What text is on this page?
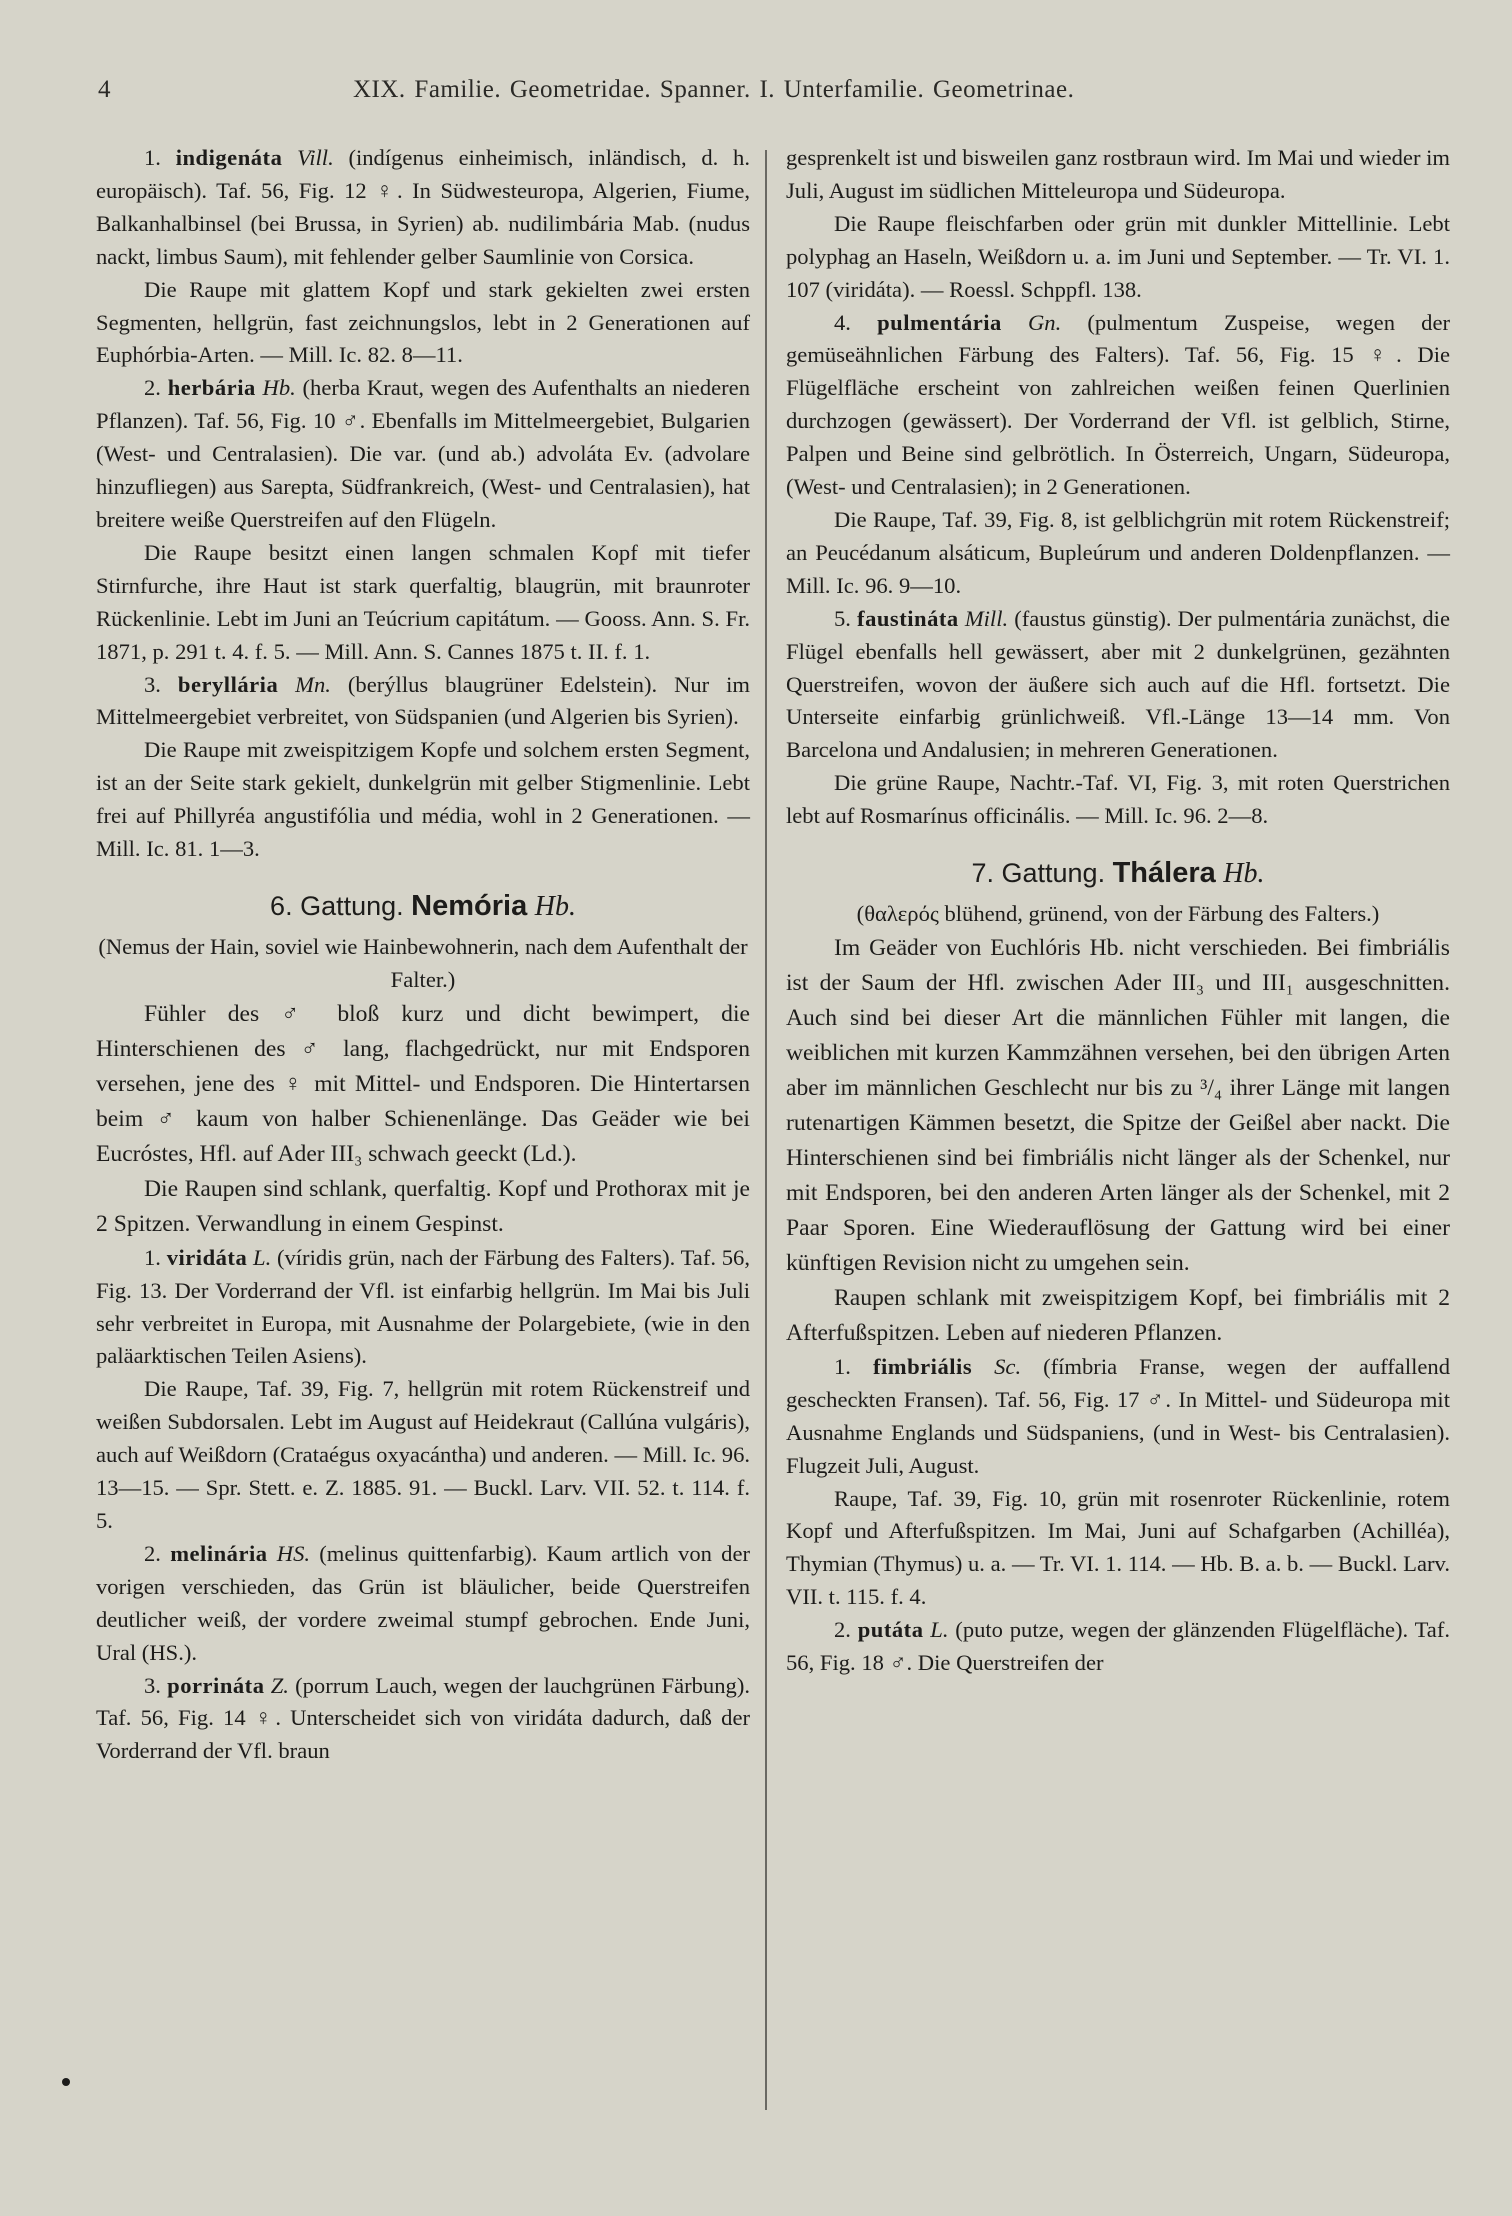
4	XIX. Familie. Geometridae. Spanner. I. Unterfamilie. Geometrinae.

1. indigenáta Vill. (indígenus einheimisch, inländisch, d. h. europäisch). Taf. 56, Fig. 12 ♀. In Südwesteuropa, Algerien, Fiume, Balkanhalbinsel (bei Brussa, in Syrien) ab. nudilimbária Mab. (nudus nackt, limbus Saum), mit fehlender gelber Saumlinie von Corsica.

Die Raupe mit glattem Kopf und stark gekielten zwei ersten Segmenten, hellgrün, fast zeichnungslos, lebt in 2 Generationen auf Euphórbia-Arten. — Mill. Ic. 82. 8—11.

2. herbária Hb. (herba Kraut, wegen des Aufenthalts an niederen Pflanzen). Taf. 56, Fig. 10 ♂. Ebenfalls im Mittelmeergebiet, Bulgarien (West- und Centralasien). Die var. (und ab.) advoláta Ev. (advolare hinzufliegen) aus Sarepta, Südfrankreich, (West- und Centralasien), hat breitere weiße Querstreifen auf den Flügeln.

Die Raupe besitzt einen langen schmalen Kopf mit tiefer Stirnfurche, ihre Haut ist stark querfaltig, blaugrün, mit braunroter Rückenlinie. Lebt im Juni an Teúcrium capitátum. — Gooss. Ann. S. Fr. 1871, p. 291 t. 4. f. 5. — Mill. Ann. S. Cannes 1875 t. II. f. 1.

3. beryllária Mn. (berýllus blaugrüner Edelstein). Nur im Mittelmeergebiet verbreitet, von Südspanien (und Algerien bis Syrien).

Die Raupe mit zweispitzigem Kopfe und solchem ersten Segment, ist an der Seite stark gekielt, dunkelgrün mit gelber Stigmenlinie. Lebt frei auf Phillyréa angustifólia und média, wohl in 2 Generationen. — Mill. Ic. 81. 1—3.

6. Gattung. Nemória Hb.

(Nemus der Hain, soviel wie Hainbewohnerin, nach dem Aufenthalt der Falter.)

Fühler des ♂ bloß kurz und dicht bewimpert, die Hinterschienen des ♂ lang, flachgedrückt, nur mit Endsporen versehen, jene des ♀ mit Mittel- und Endsporen. Die Hintertarsen beim ♂ kaum von halber Schienenlänge. Das Geäder wie bei Eucróstes, Hfl. auf Ader III₃ schwach geeckt (Ld.).

Die Raupen sind schlank, querfaltig. Kopf und Prothorax mit je 2 Spitzen. Verwandlung in einem Gespinst.

1. viridáta L. (víridis grün, nach der Färbung des Falters). Taf. 56, Fig. 13. Der Vorderrand der Vfl. ist einfarbig hellgrün. Im Mai bis Juli sehr verbreitet in Europa, mit Ausnahme der Polargebiete, (wie in den paläarktischen Teilen Asiens).

Die Raupe, Taf. 39, Fig. 7, hellgrün mit rotem Rückenstreif und weißen Subdorsalen. Lebt im August auf Heidekraut (Callúna vulgáris), auch auf Weißdorn (Crataégus oxyacántha) und anderen. — Mill. Ic. 96. 13—15. — Spr. Stett. e. Z. 1885. 91. — Buckl. Larv. VII. 52. t. 114. f. 5.

2. melinária HS. (melinus quittenfarbig). Kaum artlich von der vorigen verschieden, das Grün ist bläulicher, beide Querstreifen deutlicher weiß, der vordere zweimal stumpf gebrochen. Ende Juni, Ural (HS.).

3. porrináta Z. (porrum Lauch, wegen der lauchgrünen Färbung). Taf. 56, Fig. 14 ♀. Unterscheidet sich von viridáta dadurch, daß der Vorderrand der Vfl. braun

gesprenkelt ist und bisweilen ganz rostbraun wird. Im Mai und wieder im Juli, August im südlichen Mitteleuropa und Südeuropa.

Die Raupe fleischfarben oder grün mit dunkler Mittellinie. Lebt polyphag an Haseln, Weißdorn u. a. im Juni und September. — Tr. VI. 1. 107 (viridáta). — Roessl. Schppfl. 138.

4. pulmentária Gn. (pulmentum Zuspeise, wegen der gemüseähnlichen Färbung des Falters). Taf. 56, Fig. 15 ♀. Die Flügelfläche erscheint von zahlreichen weißen feinen Querlinien durchzogen (gewässert). Der Vorderrand der Vfl. ist gelblich, Stirne, Palpen und Beine sind gelbrötlich. In Österreich, Ungarn, Südeuropa, (West- und Centralasien); in 2 Generationen.

Die Raupe, Taf. 39, Fig. 8, ist gelblichgrün mit rotem Rückenstreif; an Peucédanum alsáticum, Bupleúrum und anderen Doldenpflanzen. — Mill. Ic. 96. 9—10.

5. faustináta Mill. (faustus günstig). Der pulmentária zunächst, die Flügel ebenfalls hell gewässert, aber mit 2 dunkelgrünen, gezähnten Querstreifen, wovon der äußere sich auch auf die Hfl. fortsetzt. Die Unterseite einfarbig grünlichweiß. Vfl.-Länge 13—14 mm. Von Barcelona und Andalusien; in mehreren Generationen.

Die grüne Raupe, Nachtr.-Taf. VI, Fig. 3, mit roten Querstrichen lebt auf Rosmarínus officinális. — Mill. Ic. 96. 2—8.

7. Gattung. Thálera Hb.

(θαλερός blühend, grünend, von der Färbung des Falters.)

Im Geäder von Euchlóris Hb. nicht verschieden. Bei fimbriális ist der Saum der Hfl. zwischen Ader III₃ und III₁ ausgeschnitten. Auch sind bei dieser Art die männlichen Fühler mit langen, die weiblichen mit kurzen Kammzähnen versehen, bei den übrigen Arten aber im männlichen Geschlecht nur bis zu ³/₄ ihrer Länge mit langen rutenartigen Kämmen besetzt, die Spitze der Geißel aber nackt. Die Hinterschienen sind bei fimbriális nicht länger als der Schenkel, nur mit Endsporen, bei den anderen Arten länger als der Schenkel, mit 2 Paar Sporen. Eine Wiederauflösung der Gattung wird bei einer künftigen Revision nicht zu umgehen sein.

Raupen schlank mit zweispitzigem Kopf, bei fimbriális mit 2 Afterfußspitzen. Leben auf niederen Pflanzen.

1. fimbriális Sc. (fímbria Franse, wegen der auffallend gescheckten Fransen). Taf. 56, Fig. 17 ♂. In Mittel- und Südeuropa mit Ausnahme Englands und Südspaniens, (und in West- bis Centralasien). Flugzeit Juli, August.

Raupe, Taf. 39, Fig. 10, grün mit rosenroter Rückenlinie, rotem Kopf und Afterfußspitzen. Im Mai, Juni auf Schafgarben (Achilléa), Thymian (Thymus) u. a. — Tr. VI. 1. 114. — Hb. B. a. b. — Buckl. Larv. VII. t. 115. f. 4.

2. putáta L. (puto putze, wegen der glänzenden Flügelfläche). Taf. 56, Fig. 18 ♂. Die Querstreifen der
